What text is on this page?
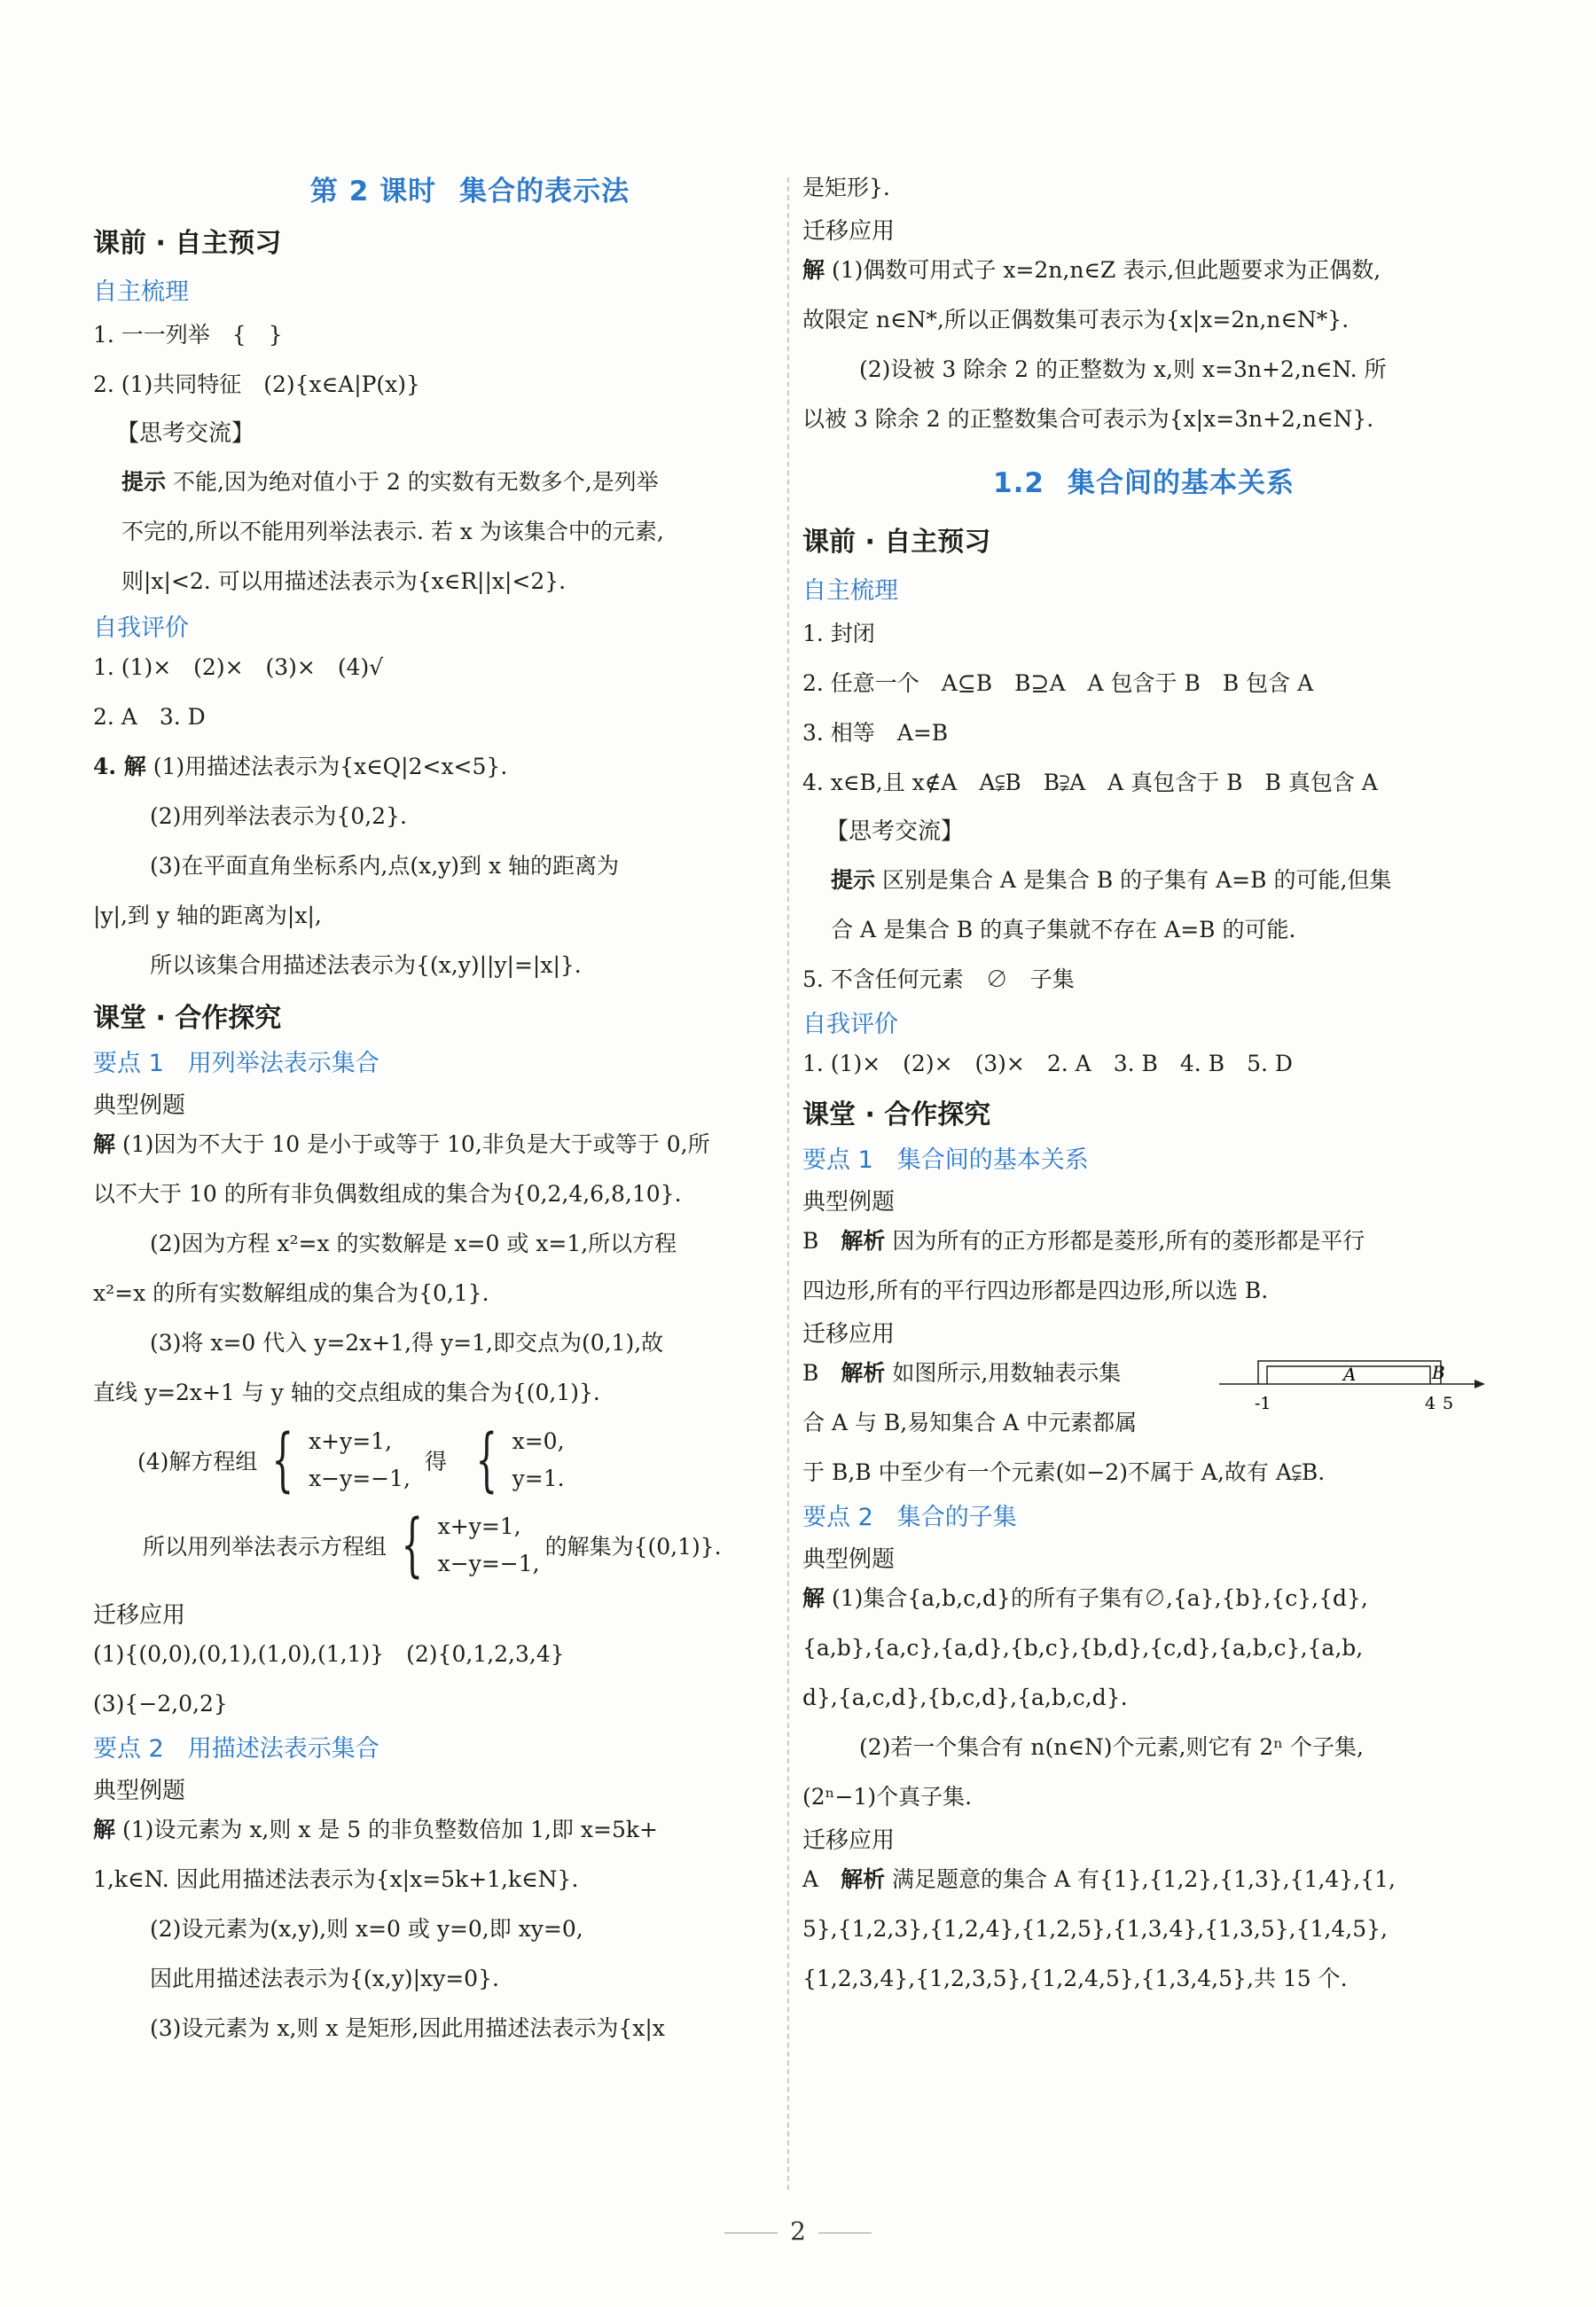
第 2 课时 集合的表示法
课前 · 自主预习
自主梳理

1. 一一列举　{　}

2. (1)共同特征　(2){x∈A|P(x)}

【思考交流】

提示 不能,因为绝对值小于 2 的实数有无数多个,是列举

不完的,所以不能用列举法表示. 若 x 为该集合中的元素,

则|x|<2. 可以用描述法表示为{x∈R||x|<2}.

自我评价

1. (1)×　(2)×　(3)×　(4)√

2. A　3. D

4. 解 (1)用描述法表示为{x∈Q|2<x<5}.

(2)用列举法表示为{0,2}.

(3)在平面直角坐标系内,点(x,y)到 x 轴的距离为

|y|,到 y 轴的距离为|x|,

所以该集合用描述法表示为{(x,y)||y|=|x|}.

课堂 · 合作探究
要点 1　用列举法表示集合
典型例题

解 (1)因为不大于 10 是小于或等于 10,非负是大于或等于 0,所

以不大于 10 的所有非负偶数组成的集合为{0,2,4,6,8,10}.

(2)因为方程 x²=x 的实数解是 x=0 或 x=1,所以方程

x²=x 的所有实数解组成的集合为{0,1}.

(3)将 x=0 代入 y=2x+1,得 y=1,即交点为(0,1),故

直线 y=2x+1 与 y 轴的交点组成的集合为{(0,1)}.

(4)解方程组 { x+y=1,
x−y=−1,
得 { x=0,
y=1.
所以用列举法表示方程组 { x+y=1,
x−y=−1,
的解集为{(0,1)}.
迁移应用

(1){(0,0),(0,1),(1,0),(1,1)}　(2){0,1,2,3,4}

(3){−2,0,2}

要点 2　用描述法表示集合
典型例题

解 (1)设元素为 x,则 x 是 5 的非负整数倍加 1,即 x=5k+

1,k∈N. 因此用描述法表示为{x|x=5k+1,k∈N}.

(2)设元素为(x,y),则 x=0 或 y=0,即 xy=0,

因此用描述法表示为{(x,y)|xy=0}.

(3)设元素为 x,则 x 是矩形,因此用描述法表示为{x|x

是矩形}.

迁移应用

解 (1)偶数可用式子 x=2n,n∈Z 表示,但此题要求为正偶数,

故限定 n∈N*,所以正偶数集可表示为{x|x=2n,n∈N*}.

(2)设被 3 除余 2 的正整数为 x,则 x=3n+2,n∈N. 所

以被 3 除余 2 的正整数集合可表示为{x|x=3n+2,n∈N}.

1.2 集合间的基本关系
课前 · 自主预习
自主梳理

1. 封闭

2. 任意一个　A⊆B　B⊇A　A 包含于 B　B 包含 A

3. 相等　A=B

4. x∈B,且 x∉A　A⫋B　B⫌A　A 真包含于 B　B 真包含 A

【思考交流】

提示 区别是集合 A 是集合 B 的子集有 A=B 的可能,但集

合 A 是集合 B 的真子集就不存在 A=B 的可能.

5. 不含任何元素　∅　子集

自我评价

1. (1)×　(2)×　(3)×　2. A　3. B　4. B　5. D

课堂 · 合作探究
要点 1　集合间的基本关系
典型例题

B　解析 因为所有的正方形都是菱形,所有的菱形都是平行

四边形,所有的平行四边形都是四边形,所以选 B.

迁移应用

B　解析 如图所示,用数轴表示集

合 A 与 B,易知集合 A 中元素都属

A	B
-1	4 5

于 B,B 中至少有一个元素(如−2)不属于 A,故有 A⫋B.

要点 2　集合的子集
典型例题

解 (1)集合{a,b,c,d}的所有子集有∅,{a},{b},{c},{d},

{a,b},{a,c},{a,d},{b,c},{b,d},{c,d},{a,b,c},{a,b,

d},{a,c,d},{b,c,d},{a,b,c,d}.

(2)若一个集合有 n(n∈N)个元素,则它有 2ⁿ 个子集,

(2ⁿ−1)个真子集.

迁移应用

A　解析 满足题意的集合 A 有{1},{1,2},{1,3},{1,4},{1,

5},{1,2,3},{1,2,4},{1,2,5},{1,3,4},{1,3,5},{1,4,5},

{1,2,3,4},{1,2,3,5},{1,2,4,5},{1,3,4,5},共 15 个.

2
